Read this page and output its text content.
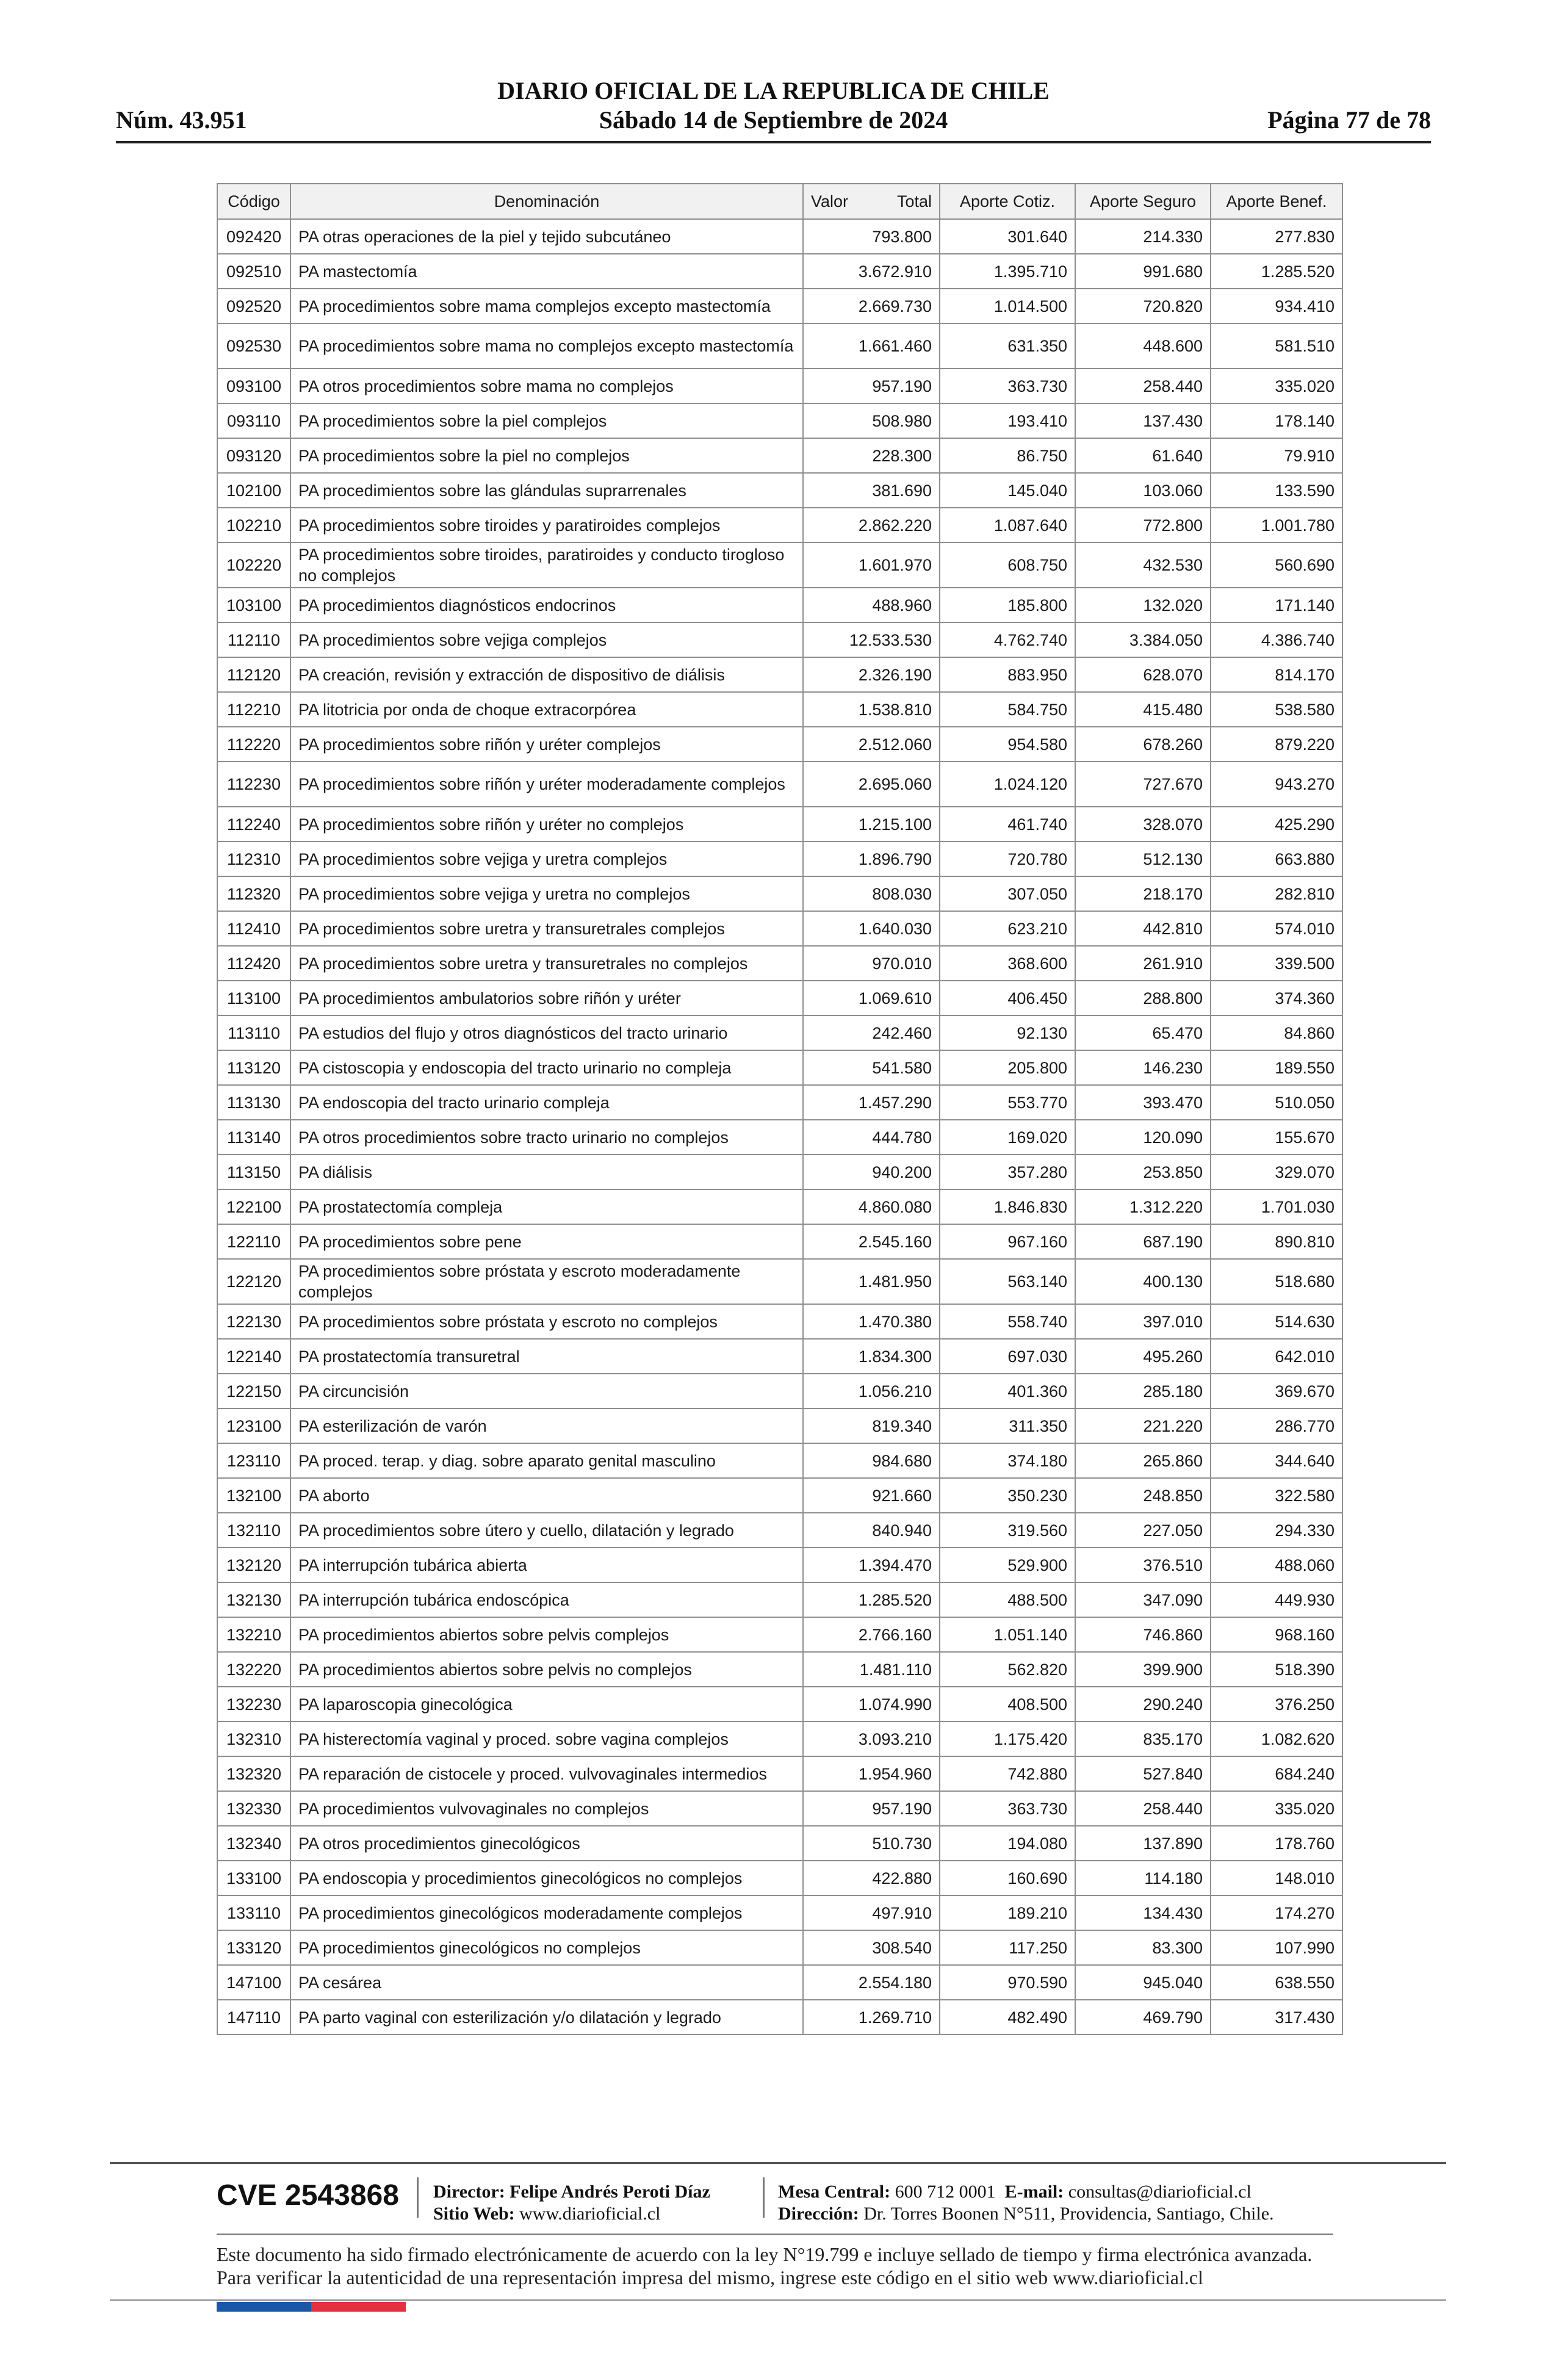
Núm. 43.951
DIARIO OFICIAL DE LA REPUBLICA DE CHILE
Sábado 14 de Septiembre de 2024	Página 77 de 78
Código	Denominación	Valor Total	Aporte Cotiz.	Aporte Seguro	Aporte Benef.
092420	PA otras operaciones de la piel y tejido subcutáneo	793.800	301.640	214.330	277.830
092510	PA mastectomía	3.672.910	1.395.710	991.680	1.285.520
092520	PA procedimientos sobre mama complejos excepto mastectomía	2.669.730	1.014.500	720.820	934.410
092530	PA procedimientos sobre mama no complejos excepto mastectomía	1.661.460	631.350	448.600	581.510
093100	PA otros procedimientos sobre mama no complejos	957.190	363.730	258.440	335.020
093110	PA procedimientos sobre la piel complejos	508.980	193.410	137.430	178.140
093120	PA procedimientos sobre la piel no complejos	228.300	86.750	61.640	79.910
102100	PA procedimientos sobre las glándulas suprarrenales	381.690	145.040	103.060	133.590
102210	PA procedimientos sobre tiroides y paratiroides complejos	2.862.220	1.087.640	772.800	1.001.780
102220	PA procedimientos sobre tiroides, paratiroides y conducto tirogloso no complejos	1.601.970	608.750	432.530	560.690
103100	PA procedimientos diagnósticos endocrinos	488.960	185.800	132.020	171.140
112110	PA procedimientos sobre vejiga complejos	12.533.530	4.762.740	3.384.050	4.386.740
112120	PA creación, revisión y extracción de dispositivo de diálisis	2.326.190	883.950	628.070	814.170
112210	PA litotricia por onda de choque extracorpórea	1.538.810	584.750	415.480	538.580
112220	PA procedimientos sobre riñón y uréter complejos	2.512.060	954.580	678.260	879.220
112230	PA procedimientos sobre riñón y uréter moderadamente complejos	2.695.060	1.024.120	727.670	943.270
112240	PA procedimientos sobre riñón y uréter no complejos	1.215.100	461.740	328.070	425.290
112310	PA procedimientos sobre vejiga y uretra complejos	1.896.790	720.780	512.130	663.880
112320	PA procedimientos sobre vejiga y uretra no complejos	808.030	307.050	218.170	282.810
112410	PA procedimientos sobre uretra y transuretrales complejos	1.640.030	623.210	442.810	574.010
112420	PA procedimientos sobre uretra y transuretrales no complejos	970.010	368.600	261.910	339.500
113100	PA procedimientos ambulatorios sobre riñón y uréter	1.069.610	406.450	288.800	374.360
113110	PA estudios del flujo y otros diagnósticos del tracto urinario	242.460	92.130	65.470	84.860
113120	PA cistoscopia y endoscopia del tracto urinario no compleja	541.580	205.800	146.230	189.550
113130	PA endoscopia del tracto urinario compleja	1.457.290	553.770	393.470	510.050
113140	PA otros procedimientos sobre tracto urinario no complejos	444.780	169.020	120.090	155.670
113150	PA diálisis	940.200	357.280	253.850	329.070
122100	PA prostatectomía compleja	4.860.080	1.846.830	1.312.220	1.701.030
122110	PA procedimientos sobre pene	2.545.160	967.160	687.190	890.810
122120	PA procedimientos sobre próstata y escroto moderadamente complejos	1.481.950	563.140	400.130	518.680
122130	PA procedimientos sobre próstata y escroto no complejos	1.470.380	558.740	397.010	514.630
122140	PA prostatectomía transuretral	1.834.300	697.030	495.260	642.010
122150	PA circuncisión	1.056.210	401.360	285.180	369.670
123100	PA esterilización de varón	819.340	311.350	221.220	286.770
123110	PA proced. terap. y diag. sobre aparato genital masculino	984.680	374.180	265.860	344.640
132100	PA aborto	921.660	350.230	248.850	322.580
132110	PA procedimientos sobre útero y cuello, dilatación y legrado	840.940	319.560	227.050	294.330
132120	PA interrupción tubárica abierta	1.394.470	529.900	376.510	488.060
132130	PA interrupción tubárica endoscópica	1.285.520	488.500	347.090	449.930
132210	PA procedimientos abiertos sobre pelvis complejos	2.766.160	1.051.140	746.860	968.160
132220	PA procedimientos abiertos sobre pelvis no complejos	1.481.110	562.820	399.900	518.390
132230	PA laparoscopia ginecológica	1.074.990	408.500	290.240	376.250
132310	PA histerectomía vaginal y proced. sobre vagina complejos	3.093.210	1.175.420	835.170	1.082.620
132320	PA reparación de cistocele y proced. vulvovaginales intermedios	1.954.960	742.880	527.840	684.240
132330	PA procedimientos vulvovaginales no complejos	957.190	363.730	258.440	335.020
132340	PA otros procedimientos ginecológicos	510.730	194.080	137.890	178.760
133100	PA endoscopia y procedimientos ginecológicos no complejos	422.880	160.690	114.180	148.010
133110	PA procedimientos ginecológicos moderadamente complejos	497.910	189.210	134.430	174.270
133120	PA procedimientos ginecológicos no complejos	308.540	117.250	83.300	107.990
147100	PA cesárea	2.554.180	970.590	945.040	638.550
147110	PA parto vaginal con esterilización y/o dilatación y legrado	1.269.710	482.490	469.790	317.430
CVE 2543868 Director: Felipe Andrés Peroti Díaz
Sitio Web: www.diarioficial.cl
Mesa Central: 600 712 0001 E-mail: consultas@diarioficial.cl
Dirección: Dr. Torres Boonen N°511, Providencia, Santiago, Chile.
Este documento ha sido firmado electrónicamente de acuerdo con la ley N°19.799 e incluye sellado de tiempo y firma electrónica avanzada. Para verificar la autenticidad de una representación impresa del mismo, ingrese este código en el sitio web www.diarioficial.cl
